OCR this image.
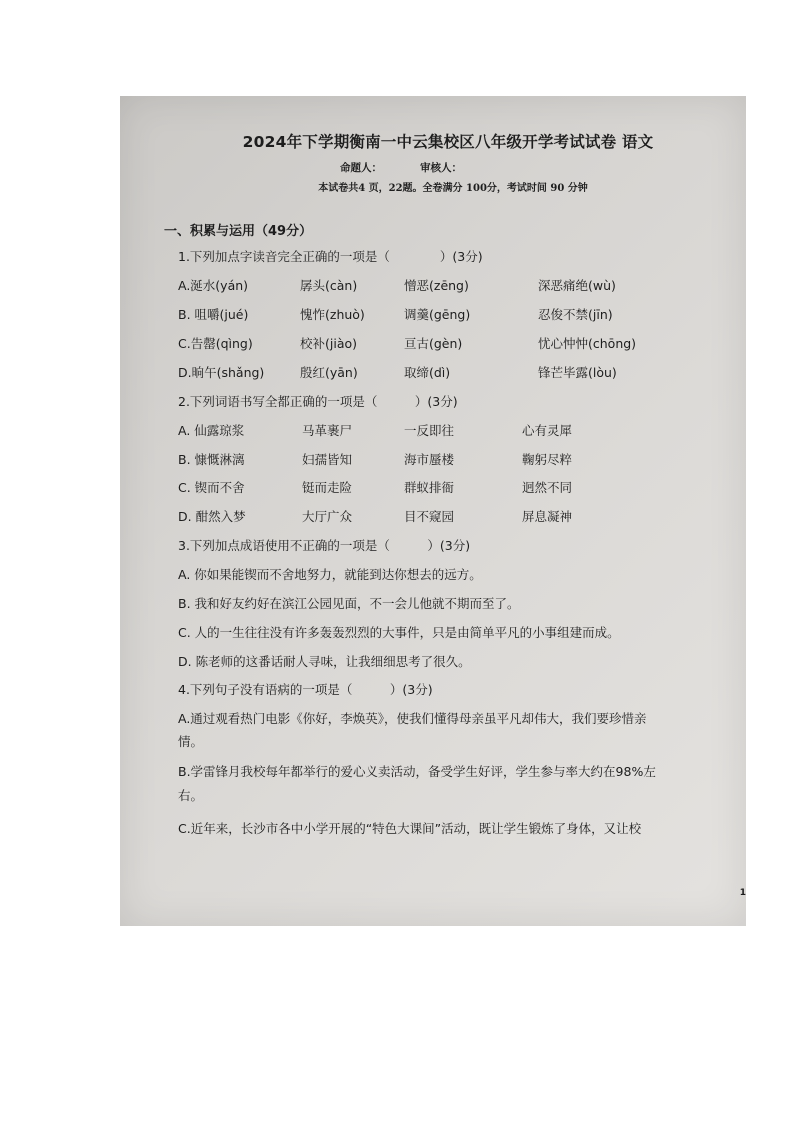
2024年下学期衡南一中云集校区八年级开学考试试卷 语文
命题人：	审核人：
本试卷共4 页，22题。全卷满分 100分，考试时间 90 分钟
一、积累与运用（49分）
1.下列加点字读音完全正确的一项是（　　　　）(3分)
A.涎水(yán)	孱头(càn)	憎恶(zēng)	深恶痛绝(wù)
B. 咀嚼(jué)	愧怍(zhuò)	调羹(gēng)	忍俊不禁(jīn)
C.告罄(qìng)	校补(jiào)	亘古(gèn)	忧心忡忡(chōng)
D.晌午(shǎng)	殷红(yān)	取缔(dì)	锋芒毕露(lòu)
2.下列词语书写全都正确的一项是（　　　）(3分)
A. 仙露琼浆	马革裹尸	一反即往	心有灵犀
B. 慷慨淋漓	妇孺皆知	海市蜃楼	鞠躬尽粹
C. 锲而不舍	铤而走险	群蚁排衙	迥然不同
D. 酣然入梦	大厅广众	目不窥园	屏息凝神
3.下列加点成语使用不正确的一项是（　　　）(3分)
A. 你如果能锲而不舍地努力，就能到达你想去的远方。
B. 我和好友约好在滨江公园见面，不一会儿他就不期而至了。
C. 人的一生往往没有许多轰轰烈烈的大事件，只是由简单平凡的小事组建而成。
D. 陈老师的这番话耐人寻味，让我细细思考了很久。
4.下列句子没有语病的一项是（　　　）(3分)
A.通过观看热门电影《你好，李焕英》，使我们懂得母亲虽平凡却伟大，我们要珍惜亲
情。
B.学雷锋月我校每年都举行的爱心义卖活动，备受学生好评，学生参与率大约在98%左
右。
C.近年来，长沙市各中小学开展的“特色大课间”活动，既让学生锻炼了身体，又让校
1
